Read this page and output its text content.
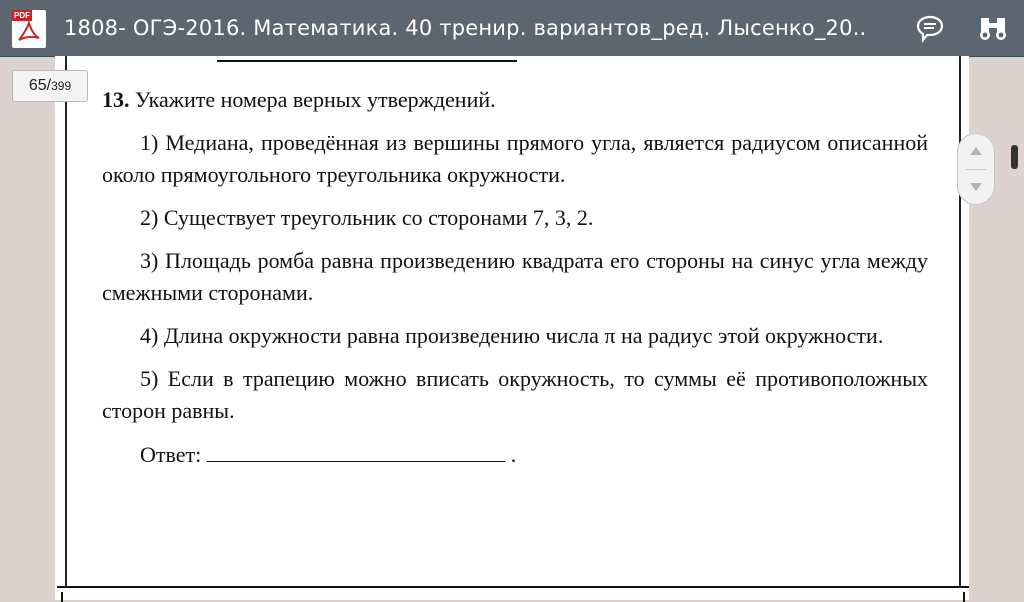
PDF
1808- ОГЭ-2016. Математика. 40 тренир. вариантов_ред. Лысенко_20..
65/399
13. Укажите номера верных утверждений.
1) Медиана, проведённая из вершины прямого угла, является радиусом описанной около прямоугольного треугольника окружности.
2) Существует треугольник со сторонами 7, 3, 2.
3) Площадь ромба равна произведению квадрата его стороны на синус угла между смежными сторонами.
4) Длина окружности равна произведению числа π на радиус этой окружности.
5) Если в трапецию можно вписать окружность, то суммы её противоположных сторон равны.
Ответ:	.
